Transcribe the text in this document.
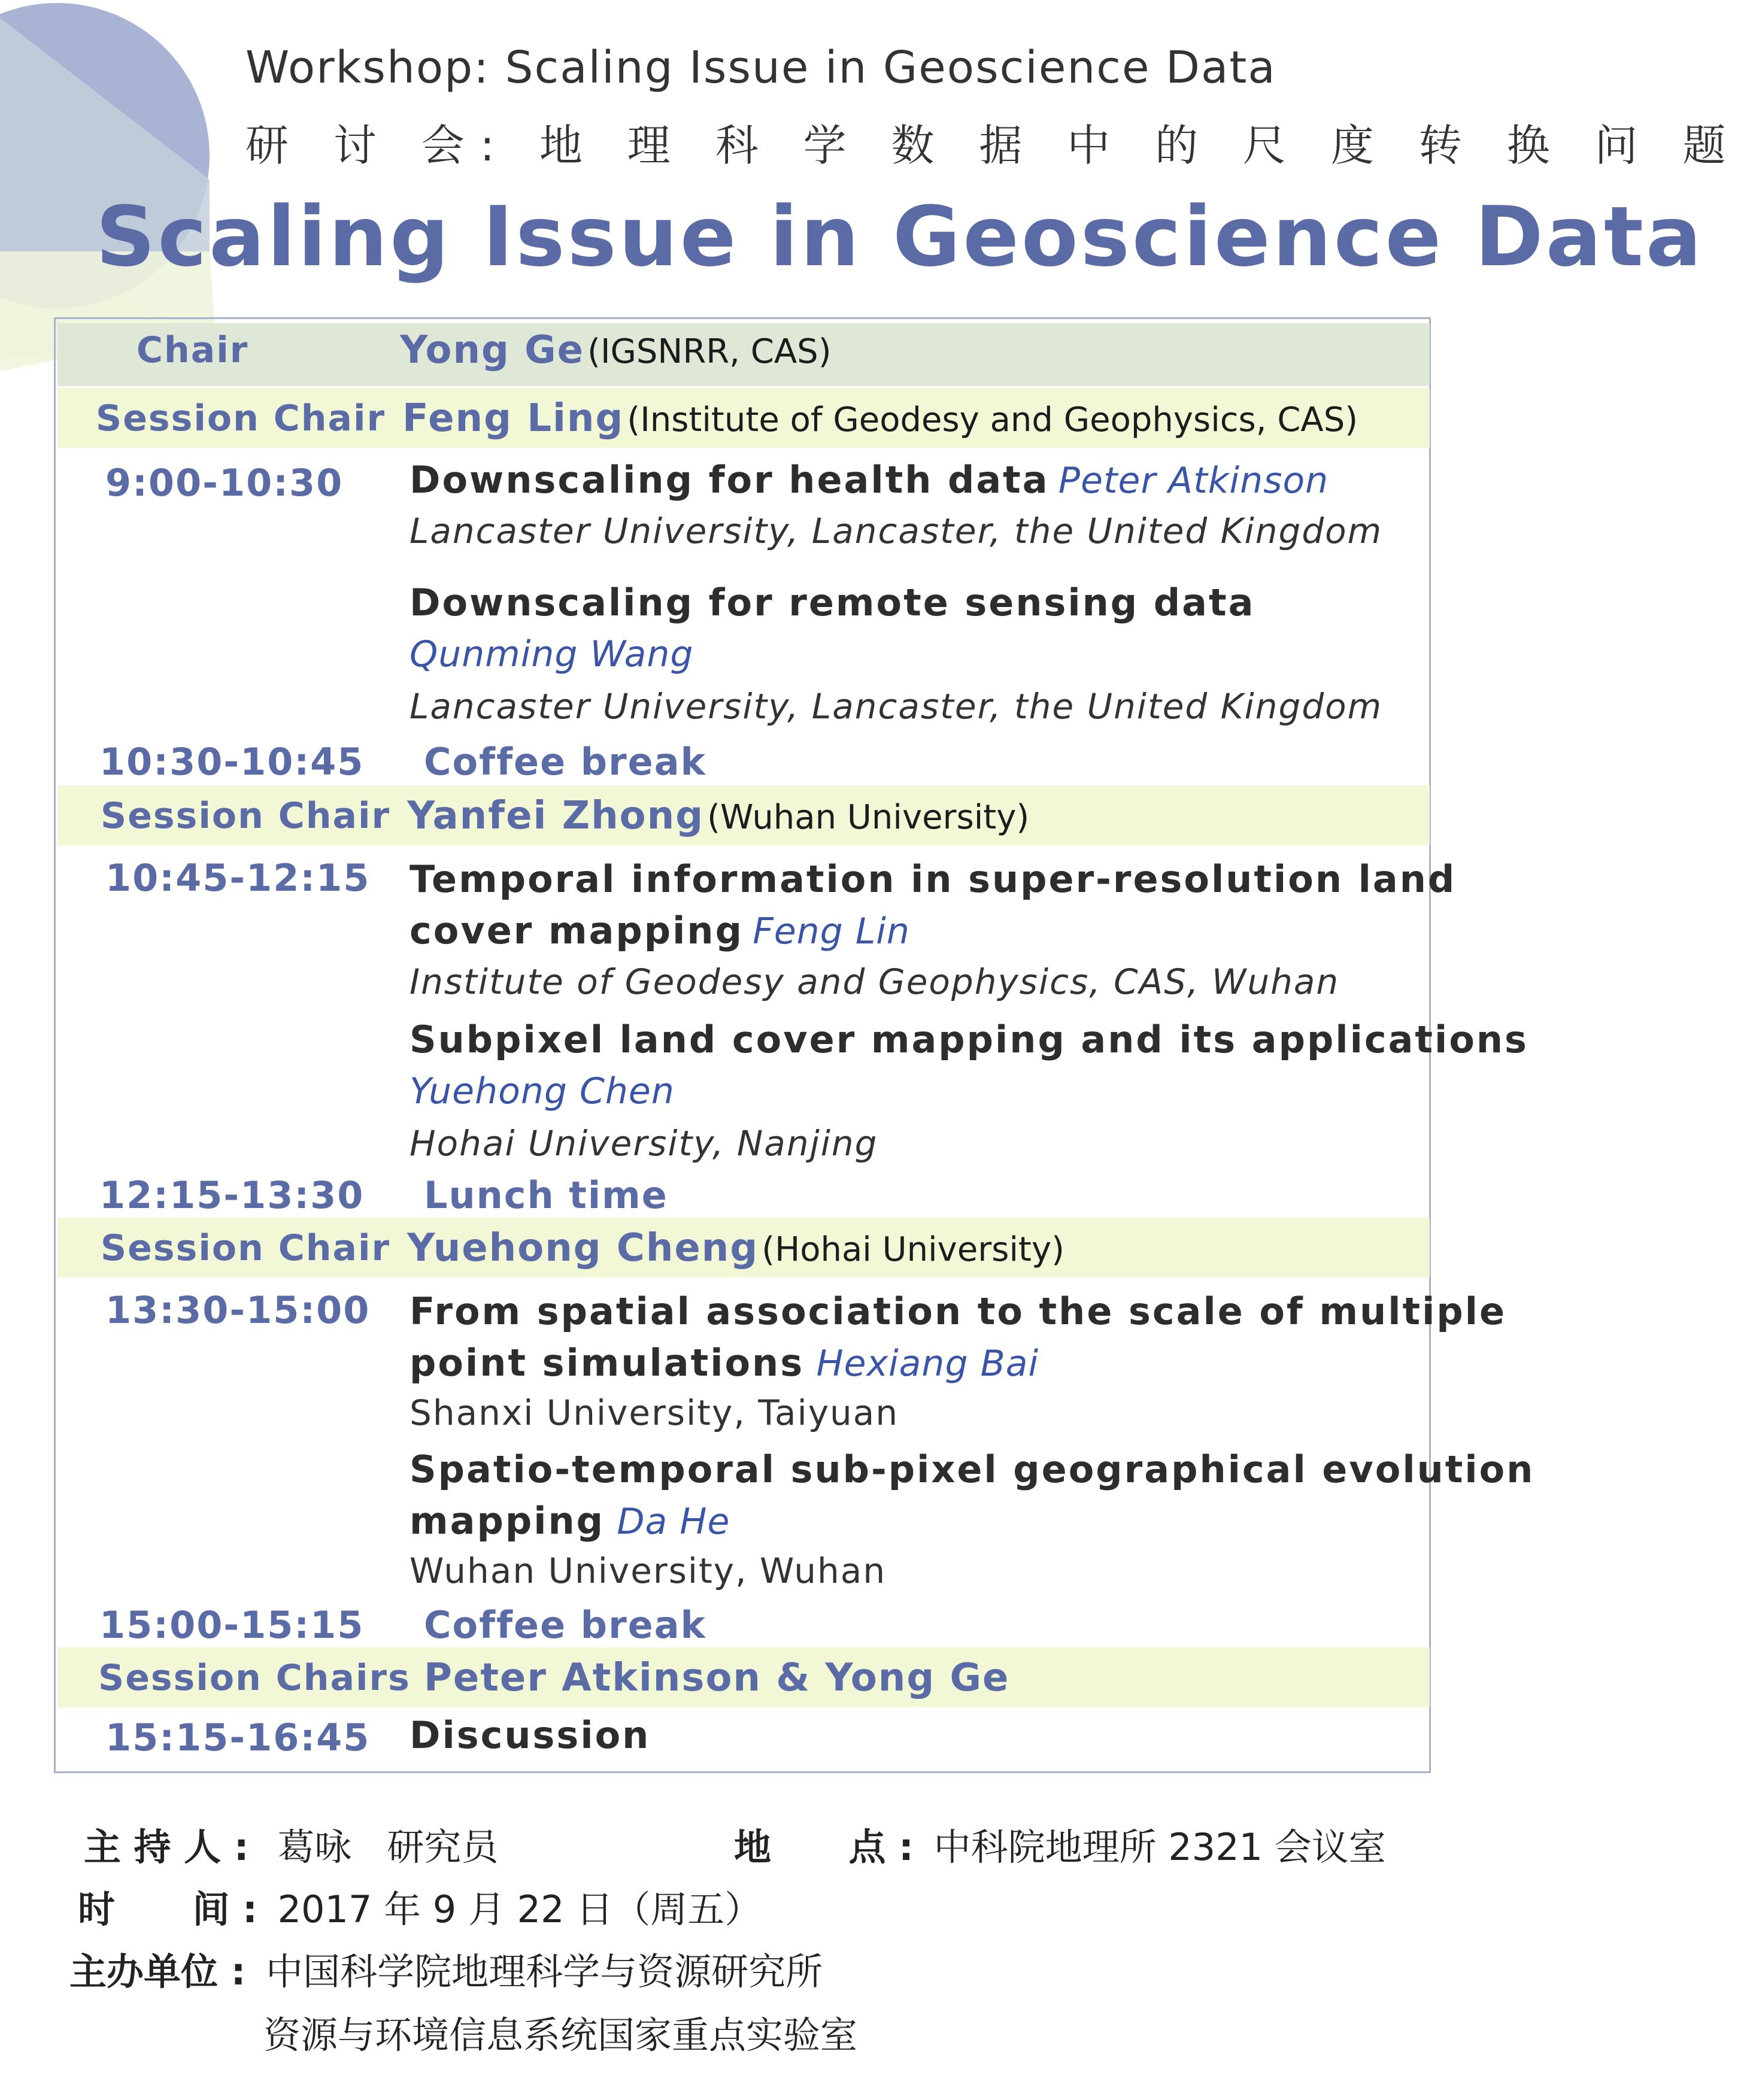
Workshop: Scaling Issue in Geoscience Data
研 讨 会: 地 理 科 学 数 据 中 的 尺 度 转 换 问 题
Scaling Issue in Geoscience Data
Chair	Yong Ge (IGSNRR, CAS)
Session Chair Feng Ling (Institute of Geodesy and Geophysics, CAS)
9:00-10:30 Downscaling for health data Peter Atkinson
Lancaster University, Lancaster, the United Kingdom
Downscaling for remote sensing data
Qunming Wang
Lancaster University, Lancaster, the United Kingdom
10:30-10:45 Coffee break
Session Chair Yanfei Zhong (Wuhan University)
10:45-12:15 Temporal information in super-resolution land
cover mapping Feng Lin
Institute of Geodesy and Geophysics, CAS, Wuhan
Subpixel land cover mapping and its applications
Yuehong Chen
Hohai University, Nanjing
12:15-13:30 Lunch time
Session Chair Yuehong Cheng (Hohai University)
13:30-15:00 From spatial association to the scale of multiple
point simulations Hexiang Bai
Shanxi University, Taiyuan
Spatio-temporal sub-pixel geographical evolution
mapping Da He
Wuhan University, Wuhan
15:00-15:15 Coffee break
Session Chairs Peter Atkinson & Yong Ge
15:15-16:45 Discussion
主 持 人 : 葛咏   研究员	地      点 : 中科院地理所 2321 会议室
时      间 : 2017 年 9 月 22 日（周五）
主办单位 : 中国科学院地理科学与资源研究所
资源与环境信息系统国家重点实验室
